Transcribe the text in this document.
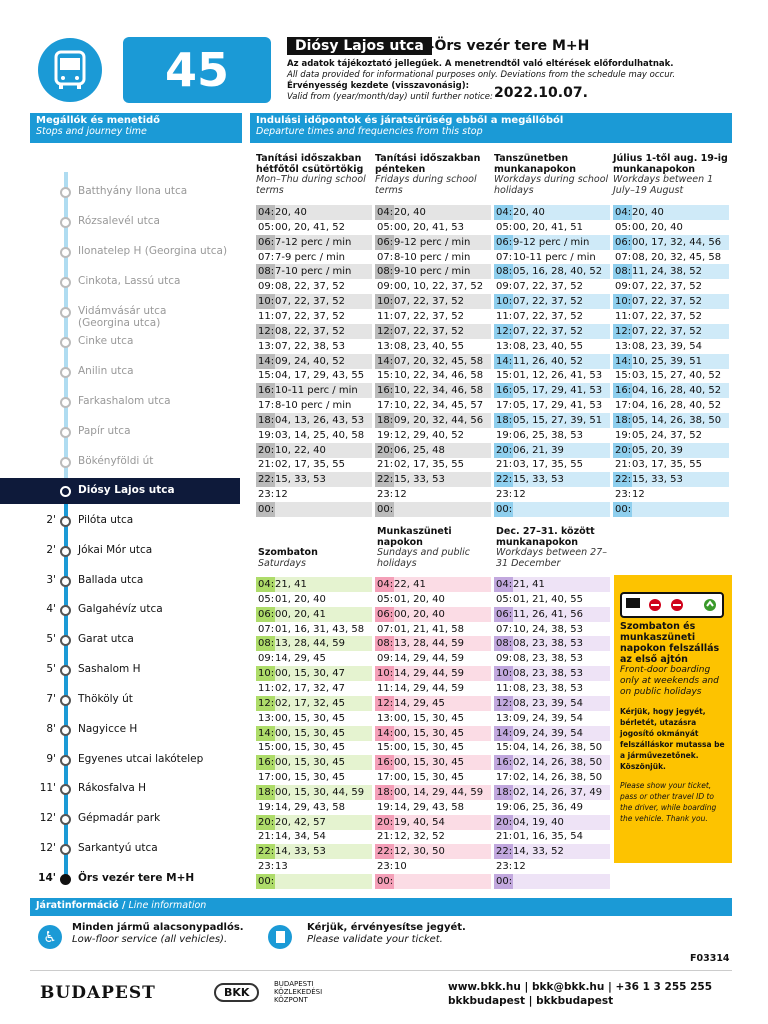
45	Diósy Lajos utca
▶ Örs vezér tere M+H
Az adatok tájékoztató jellegűek. A menetrendtől való eltérések előfordulhatnak.
All data provided for informational purposes only. Deviations from the schedule may occur.
Érvényesség kezdete (visszavonásig):
Valid from (year/month/day) until further notice: 2022.10.07.
Megállók és menetidő
Stops and journey time
Indulási időpontok és járatsűrűség ebből a megállóból
Departure times and frequencies from this stop
Batthyány Ilona utca
Rózsalevél utca
Ilonatelep H (Georgina utca)
Cinkota, Lassú utca
Vidámvásár utca
(Georgina utca)
Cinke utca
Anilin utca
Farkashalom utca
Papír utca
Bökényföldi út
Diósy Lajos utca
2' Pilóta utca
2' Jókai Mór utca
3' Ballada utca
4' Galgahévíz utca
5' Garat utca
5' Sashalom H
7' Thököly út
8' Nagyicce H
9' Egyenes utcai lakótelep
11' Rákosfalva H
12' Gépmadár park
12' Sarkantyú utca
14' Örs vezér tere M+H
Tanítási időszakban hétfőtől csütörtökig
Mon–Thu during school terms
Tanítási időszakban pénteken
Fridays during school terms
Tanszünetben munkanapokon
Workdays during school holidays
Július 1-től aug. 19-ig munkanapokon
Workdays between 1 July–19 August
04:20, 40	04:20, 40	04:20, 40	04:20, 40
05:00, 20, 41, 52	05:00, 20, 41, 53	05:00, 20, 41, 51	05:00, 20, 40
06:7-12 perc / min	06:9-12 perc / min	06:9-12 perc / min	06:00, 17, 32, 44, 56
07:7-9 perc / min	07:8-10 perc / min	07:10-11 perc / min	07:08, 20, 32, 45, 58
08:7-10 perc / min	08:9-10 perc / min	08:05, 16, 28, 40, 52	08:11, 24, 38, 52
09:08, 22, 37, 52	09:00, 10, 22, 37, 52	09:07, 22, 37, 52	09:07, 22, 37, 52
10:07, 22, 37, 52	10:07, 22, 37, 52	10:07, 22, 37, 52	10:07, 22, 37, 52
11:07, 22, 37, 52	11:07, 22, 37, 52	11:07, 22, 37, 52	11:07, 22, 37, 52
12:08, 22, 37, 52	12:07, 22, 37, 52	12:07, 22, 37, 52	12:07, 22, 37, 52
13:07, 22, 38, 53	13:08, 23, 40, 55	13:08, 23, 40, 55	13:08, 23, 39, 54
14:09, 24, 40, 52	14:07, 20, 32, 45, 58	14:11, 26, 40, 52	14:10, 25, 39, 51
15:04, 17, 29, 43, 55	15:10, 22, 34, 46, 58	15:01, 12, 26, 41, 53	15:03, 15, 27, 40, 52
16:10-11 perc / min	16:10, 22, 34, 46, 58	16:05, 17, 29, 41, 53	16:04, 16, 28, 40, 52
17:8-10 perc / min	17:10, 22, 34, 45, 57	17:05, 17, 29, 41, 53	17:04, 16, 28, 40, 52
18:04, 13, 26, 43, 53	18:09, 20, 32, 44, 56	18:05, 15, 27, 39, 51	18:05, 14, 26, 38, 50
19:03, 14, 25, 40, 58	19:12, 29, 40, 52	19:06, 25, 38, 53	19:05, 24, 37, 52
20:10, 22, 40	20:06, 25, 48	20:06, 21, 39	20:05, 20, 39
21:02, 17, 35, 55	21:02, 17, 35, 55	21:03, 17, 35, 55	21:03, 17, 35, 55
22:15, 33, 53	22:15, 33, 53	22:15, 33, 53	22:15, 33, 53
23:12	23:12	23:12	23:12
00:	00:	00:	00:
Szombaton
Saturdays
Munkaszüneti napokon
Sundays and public holidays
Dec. 27–31. között munkanapokon
Workdays between 27–31 December
04:21, 41	04:22, 41	04:21, 41
05:01, 20, 40	05:01, 20, 40	05:01, 21, 40, 55
06:00, 20, 41	06:00, 20, 40	06:11, 26, 41, 56
07:01, 16, 31, 43, 58	07:01, 21, 41, 58	07:10, 24, 38, 53
08:13, 28, 44, 59	08:13, 28, 44, 59	08:08, 23, 38, 53
09:14, 29, 45	09:14, 29, 44, 59	09:08, 23, 38, 53
10:00, 15, 30, 47	10:14, 29, 44, 59	10:08, 23, 38, 53
11:02, 17, 32, 47	11:14, 29, 44, 59	11:08, 23, 38, 53
12:02, 17, 32, 45	12:14, 29, 45	12:08, 23, 39, 54
13:00, 15, 30, 45	13:00, 15, 30, 45	13:09, 24, 39, 54
14:00, 15, 30, 45	14:00, 15, 30, 45	14:09, 24, 39, 54
15:00, 15, 30, 45	15:00, 15, 30, 45	15:04, 14, 26, 38, 50
16:00, 15, 30, 45	16:00, 15, 30, 45	16:02, 14, 26, 38, 50
17:00, 15, 30, 45	17:00, 15, 30, 45	17:02, 14, 26, 38, 50
18:00, 15, 30, 44, 59	18:00, 14, 29, 44, 59	18:02, 14, 26, 37, 49
19:14, 29, 43, 58	19:14, 29, 43, 58	19:06, 25, 36, 49
20:20, 42, 57	20:19, 40, 54	20:04, 19, 40
21:14, 34, 54	21:12, 32, 52	21:01, 16, 35, 54
22:14, 33, 53	22:12, 30, 50	22:14, 33, 52
23:13	23:10	23:12
00:	00:	00:
Szombaton és munkaszüneti napokon felszállás az első ajtón
Front-door boarding only at weekends and on public holidays
Kérjük, hogy jegyét, bérletét, utazásra jogosító okmányát felszálláskor mutassa be a járművezetőnek. Köszönjük.
Please show your ticket, pass or other travel ID to the driver, while boarding the vehicle. Thank you.
Járatinformáció / Line information
♿
Minden jármű alacsonypadlós.
Low-floor service (all vehicles).
Kérjük, érvényesítse jegyét.
Please validate your ticket.
F03314
BUDAPEST	BKK
BUDAPESTI KÖZLEKEDÉSI KÖZPONT
www.bkk.hu | bkk@bkk.hu | +36 1 3 255 255
bkkbudapest | bkkbudapest
